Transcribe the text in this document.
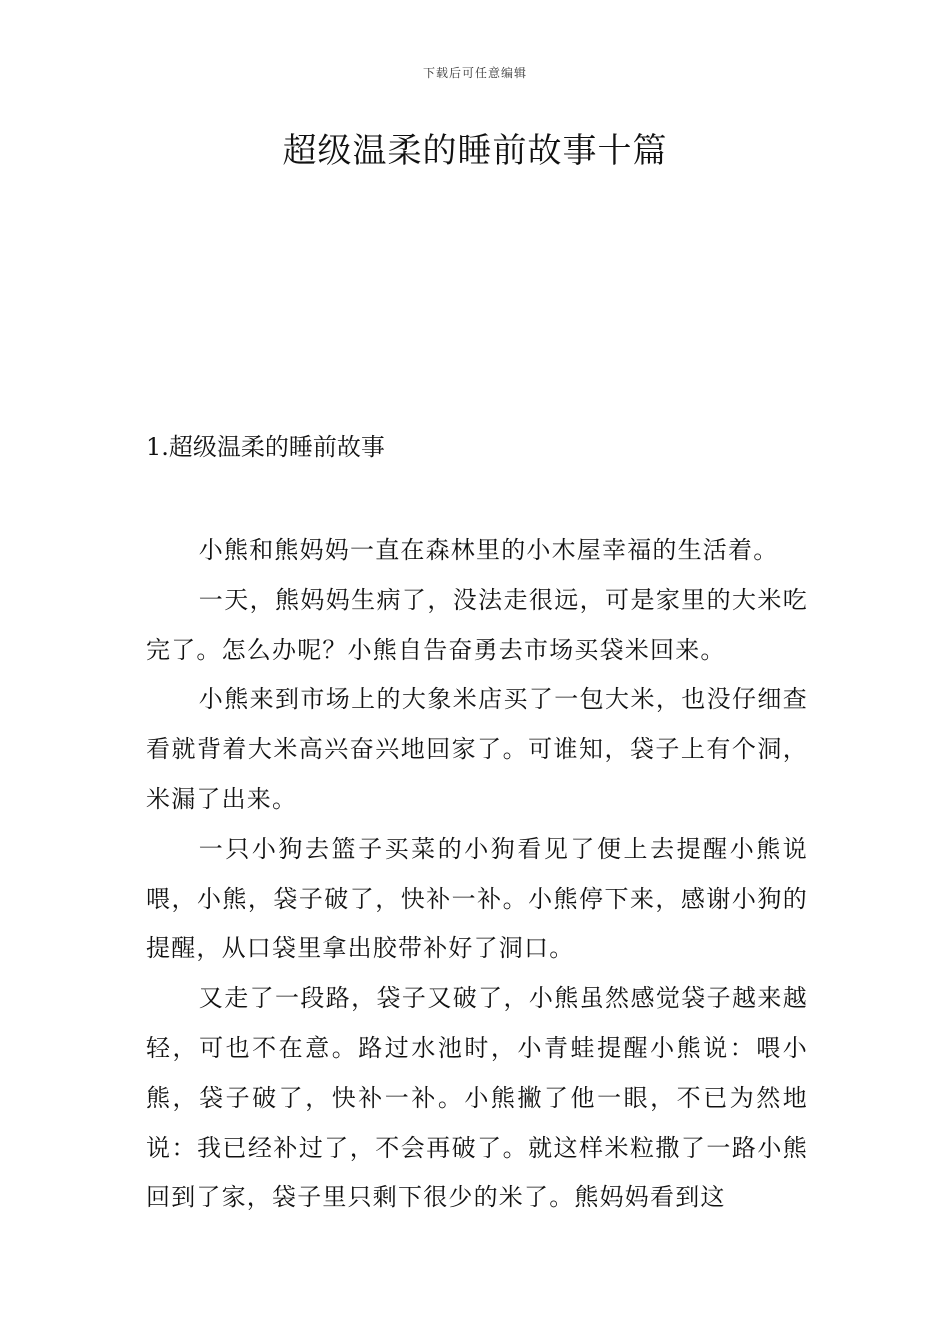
下载后可任意编辑
超级温柔的睡前故事十篇
1.超级温柔的睡前故事

小熊和熊妈妈一直在森林里的小木屋幸福的生活着。

一天，熊妈妈生病了，没法走很远，可是家里的大米吃完了。怎么办呢？小熊自告奋勇去市场买袋米回来。

小熊来到市场上的大象米店买了一包大米，也没仔细查看就背着大米高兴奋兴地回家了。可谁知，袋子上有个洞，米漏了出来。

一只小狗去篮子买菜的小狗看见了便上去提醒小熊说喂，小熊，袋子破了，快补一补。小熊停下来，感谢小狗的提醒，从口袋里拿出胶带补好了洞口。

又走了一段路，袋子又破了，小熊虽然感觉袋子越来越轻，可也不在意。路过水池时，小青蛙提醒小熊说：喂小熊，袋子破了，快补一补。小熊撇了他一眼，不已为然地说：我已经补过了，不会再破了。就这样米粒撒了一路小熊回到了家，袋子里只剩下很少的米了。熊妈妈看到这
